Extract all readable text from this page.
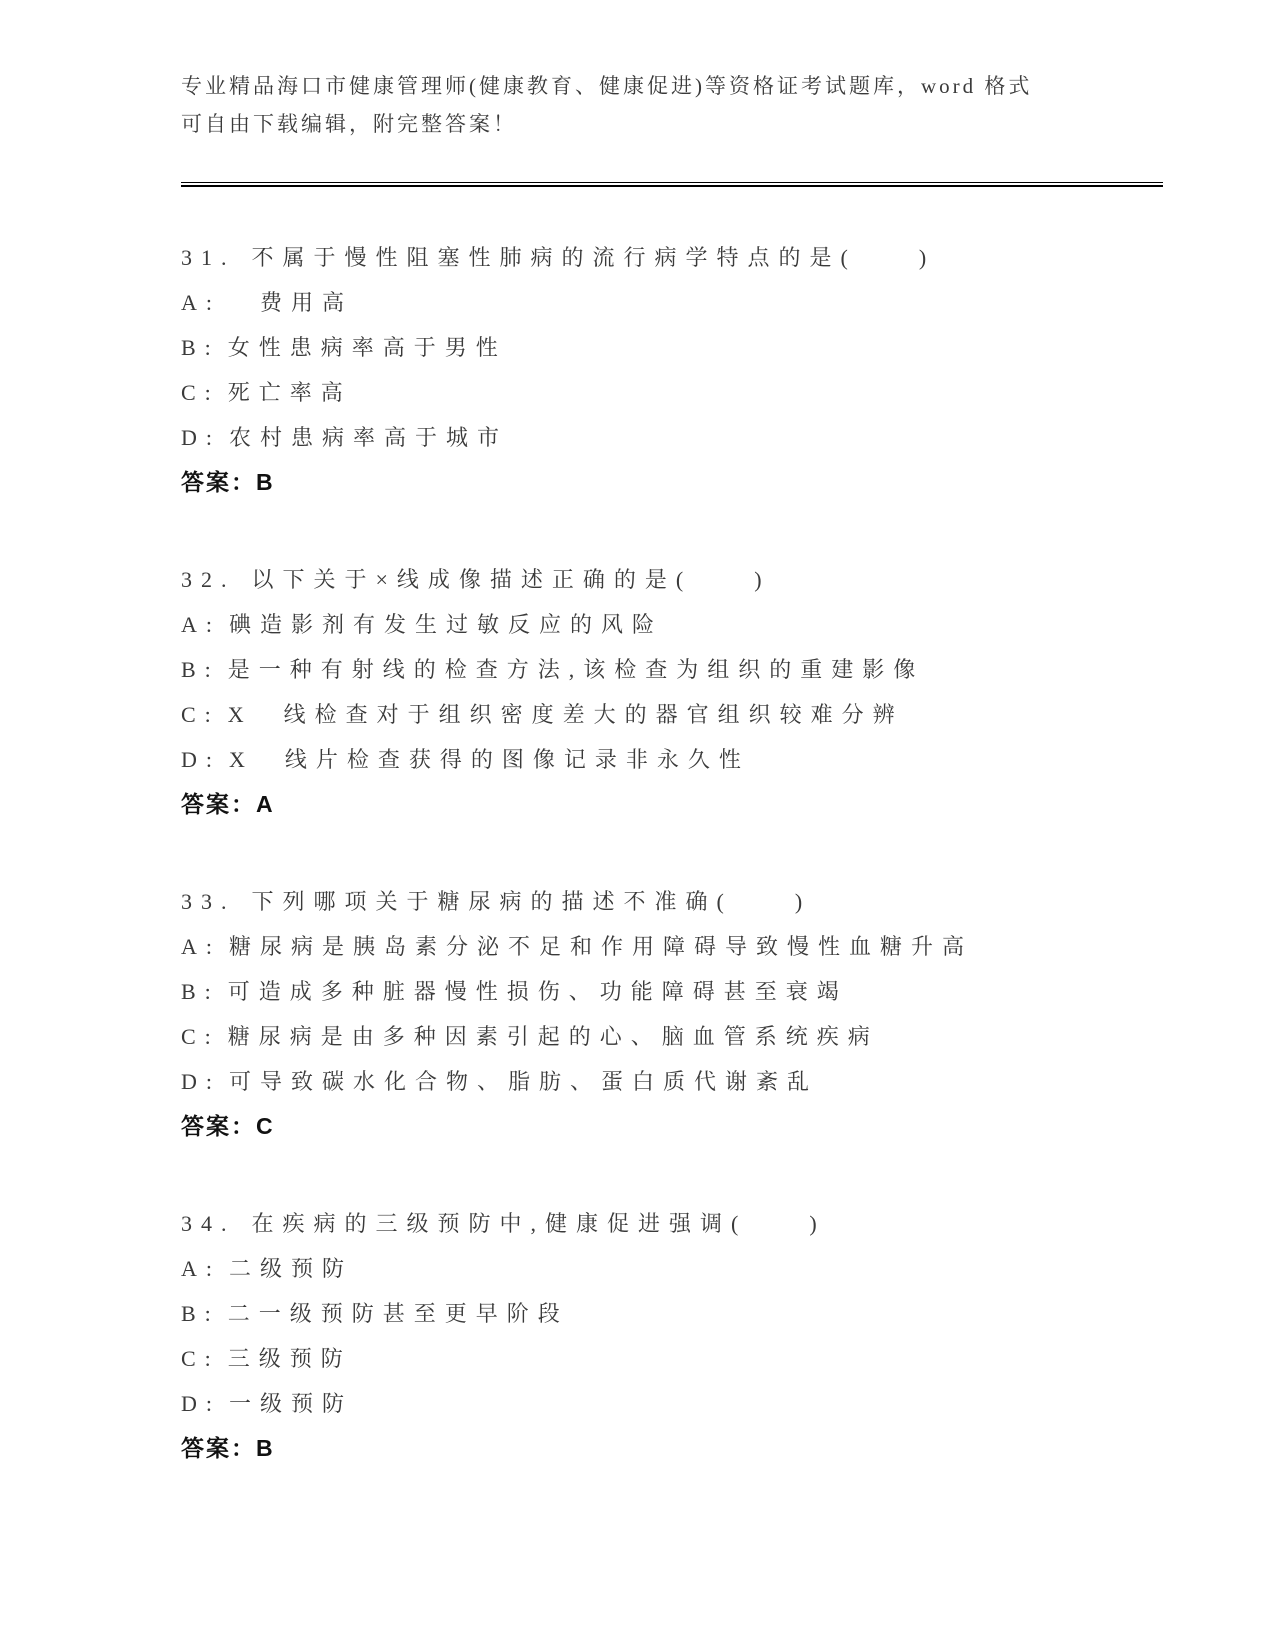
专业精品海口市健康管理师(健康教育、健康促进)等资格证考试题库，word 格式
可自由下载编辑，附完整答案！

31. 不属于慢性阻塞性肺病的流行病学特点的是(　　)

A:　费用高

B: 女性患病率高于男性

C: 死亡率高

D: 农村患病率高于城市

答案：B

32. 以下关于×线成像描述正确的是(　　)

A: 碘造影剂有发生过敏反应的风险

B: 是一种有射线的检查方法,该检查为组织的重建影像

C: X　线检查对于组织密度差大的器官组织较难分辨

D: X　线片检查获得的图像记录非永久性

答案：A

33. 下列哪项关于糖尿病的描述不准确(　　)

A: 糖尿病是胰岛素分泌不足和作用障碍导致慢性血糖升高

B: 可造成多种脏器慢性损伤、功能障碍甚至衰竭

C: 糖尿病是由多种因素引起的心、脑血管系统疾病

D: 可导致碳水化合物、脂肪、蛋白质代谢紊乱

答案：C

34. 在疾病的三级预防中,健康促进强调(　　)

A: 二级预防

B: 二一级预防甚至更早阶段

C: 三级预防

D: 一级预防

答案：B
